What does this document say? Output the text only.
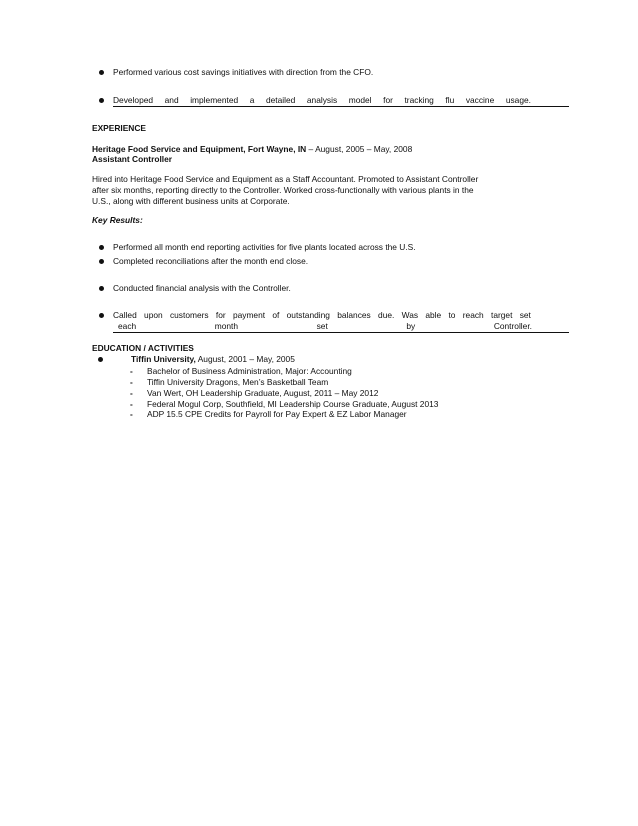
Performed various cost savings initiatives with direction from the CFO.
Developed and implemented a detailed analysis model for tracking flu vaccine usage.
EXPERIENCE
Heritage Food Service and Equipment, Fort Wayne, IN – August, 2005 – May, 2008
Assistant Controller
Hired into Heritage Food Service and Equipment as a Staff Accountant. Promoted to Assistant Controller
after six months, reporting directly to the Controller. Worked cross-functionally with various plants in the
U.S., along with different business units at Corporate.
Key Results:
Performed all month end reporting activities for five plants located across the U.S.
Completed reconciliations after the month end close.
Conducted financial analysis with the Controller.
Called upon customers for payment of outstanding balances due. Was able to reach target set
each	month	set	by	Controller.
EDUCATION / ACTIVITIES
Tiffin University, August, 2001 – May, 2005
-
Bachelor of Business Administration, Major: Accounting
-
Tiffin University Dragons, Men’s Basketball Team
-
Van Wert, OH Leadership Graduate, August, 2011 – May 2012
-
Federal Mogul Corp, Southfield, MI Leadership Course Graduate, August 2013
-
ADP 15.5 CPE Credits for Payroll for Pay Expert & EZ Labor Manager
